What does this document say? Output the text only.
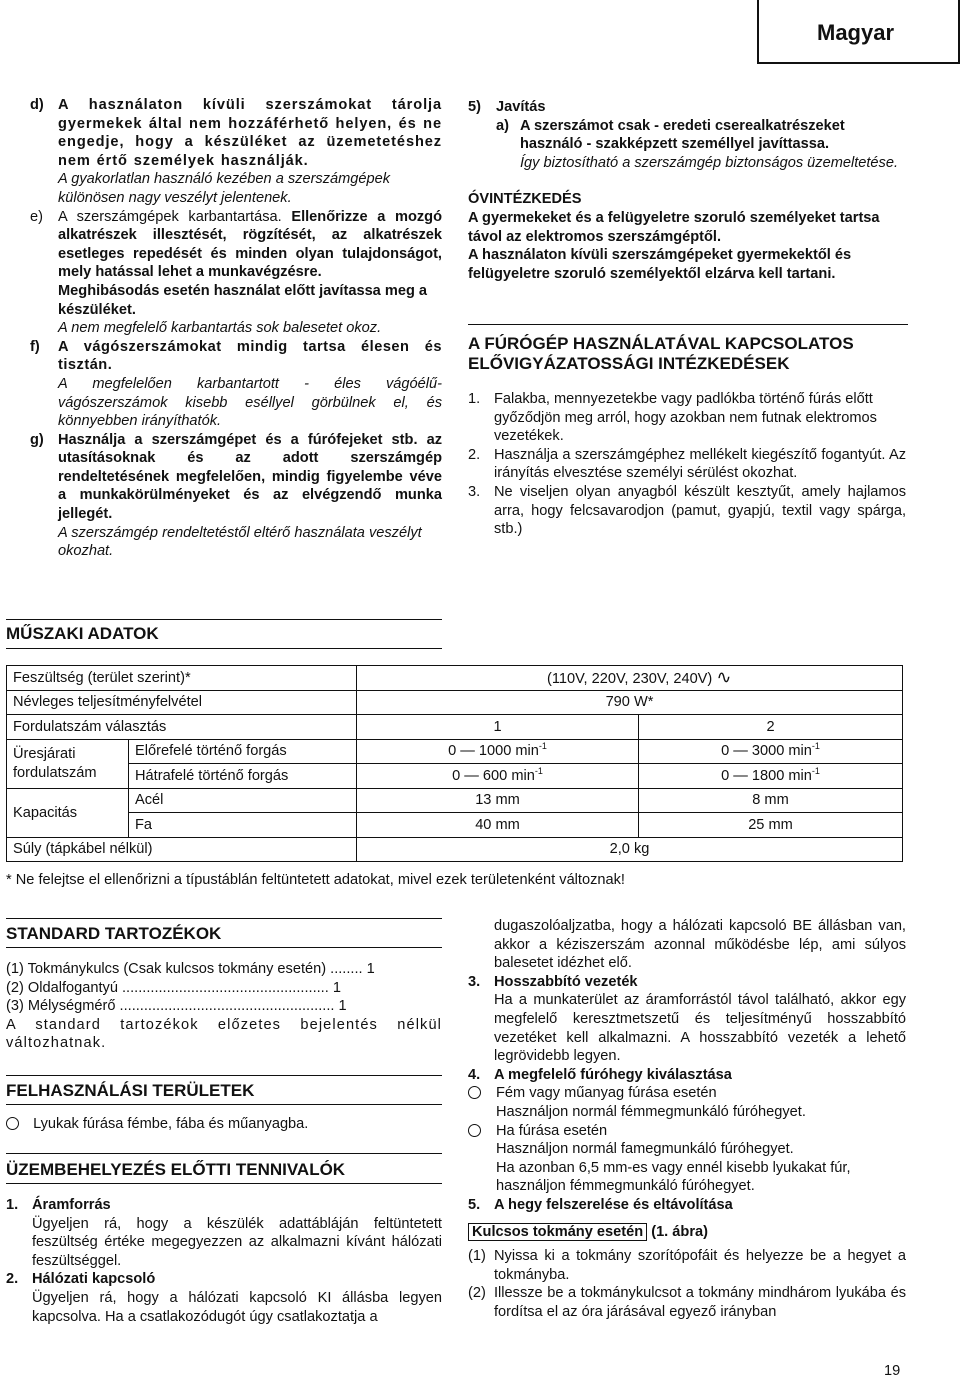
Magyar
d) A használaton kívüli szerszámokat tárolja gyermekek által nem hozzáférhető helyen, és ne engedje, hogy a készüléket az üzemetetéshez nem értő személyek használják.

A gyakorlatlan használó kezében a szerszámgépek különösen nagy veszélyt jelentenek.

e)	A szerszámgépek karbantartása. Ellenőrizze a mozgó alkatrészek illesztését, rögzítését, az alkatrészek esetleges repedését és minden olyan tulajdonságot, mely hatással lehet a munkavégzésre.

Meghibásodás esetén használat előtt javítassa meg a készüléket.

A nem megfelelő karbantartás sok balesetet okoz.

f)	A vágószerszámokat mindig tartsa élesen és tisztán.

A megfelelően karbantartott - éles vágóélű-vágószerszámok kisebb eséllyel görbülnek el, és könnyebben irányíthatók.

g) Használja a szerszámgépet és a fúrófejeket stb. az utasításoknak és az adott szerszámgép rendeltetésének megfelelően, mindig figyelembe véve a munkakörülményeket és az elvégzendő munka jellegét.

A szerszámgép rendeltetéstől eltérő használata veszélyt okozhat.

5)	Javítás
a) A szerszámot csak - eredeti cserealkatrészeket használó - szakképzett személlyel javíttassa.

Így biztosítható a szerszámgép biztonságos üzemeltetése.

ÓVINTÉZKEDÉS

A gyermekeket és a felügyeletre szoruló személyeket tartsa távol az elektromos szerszámgéptől.

A használaton kívüli szerszámgépeket gyermekektől és felügyeletre szoruló személyektől elzárva kell tartani.

A FÚRÓGÉP HASZNÁLATÁVAL KAPCSOLATOS ELŐVIGYÁZATOSSÁGI INTÉZKEDÉSEK
1. Falakba, mennyezetekbe vagy padlókba történő fúrás előtt győződjön meg arról, hogy azokban nem futnak elektromos vezetékek.

2. Használja a szerszámgéphez mellékelt kiegészítő fogantyút. Az irányítás elvesztése személyi sérülést okozhat.

3. Ne viseljen olyan anyagból készült kesztyűt, amely hajlamos arra, hogy felcsavarodjon (pamut, gyapjú, textil vagy spárga, stb.)

MŰSZAKI ADATOK
Feszültség (terület szerint)*		(110V, 220V, 230V, 240V) ∿	
Névleges teljesítményfelvétel		790 W*	
Fordulatszám választás		1	2
Üresjárati fordulatszám	Előrefelé történő forgás	0 — 1000 $\min^{-1}$	0 — 3000 $\min^{-1}$
	Hátrafelé történő forgás	0 — 600 $\min^{-1}$	0 — 1800 $\min^{-1}$
Kapacitás	Acél	13 mm	8 mm
	Fa	40 mm	25 mm
Súly (tápkábel nélkül)		2,0 kg	

* Ne felejtse el ellenőrizni a típustáblán feltüntetett adatokat, mivel ezek területenként változnak!

STANDARD TARTOZÉKOK

(1) Tokmánykulcs (Csak kulcsos tokmány esetén) ........ 1

(2) Oldalfogantyú ................................................... 1

(3) Mélységmérő ..................................................... 1

A standard tartozékok előzetes bejelentés nélkül változhatnak.

FELHASZNÁLÁSI TERÜLETEK
Lyukak fúrása fémbe, fába és műanyagba.
ÜZEMBEHELYEZÉS ELŐTTI TENNIVALÓK
1. Áramforrás

Ügyeljen rá, hogy a készülék adattábláján feltüntetett feszültség értéke megegyezzen az alkalmazni kívánt hálózati feszültséggel.

2. Hálózati kapcsoló

Ügyeljen rá, hogy a hálózati kapcsoló KI állásba legyen kapcsolva. Ha a csatlakozódugót úgy csatlakoztatja a

dugaszolóaljzatba, hogy a hálózati kapcsoló BE állásban van, akkor a kéziszerszám azonnal működésbe lép, ami súlyos balesetet idézhet elő.

3. Hosszabbító vezeték

Ha a munkaterület az áramforrástól távol található, akkor egy megfelelő keresztmetszetű és teljesítményű hosszabbító vezetéket kell alkalmazni. A hosszabbító vezeték a lehető legrövidebb legyen.

4. A megfelelő fúróhegy kiválasztása

Fém vagy műanyag fúrása esetén

Használjon normál fémmegmunkáló fúróhegyet.

Ha fúrása esetén

Használjon normál famegmunkáló fúróhegyet.

Ha azonban 6,5 mm-es vagy ennél kisebb lyukakat fúr, használjon fémmegmunkáló fúróhegyet.

5. A hegy felszerelése és eltávolítása

Kulcsos tokmány esetén (1. ábra)

(1) Nyissa ki a tokmány szorítópofáit és helyezze be a hegyet a tokmányba.

(2) Illessze be a tokmánykulcsot a tokmány mindhárom lyukába és fordítsa el az óra járásával egyező irányban

19
